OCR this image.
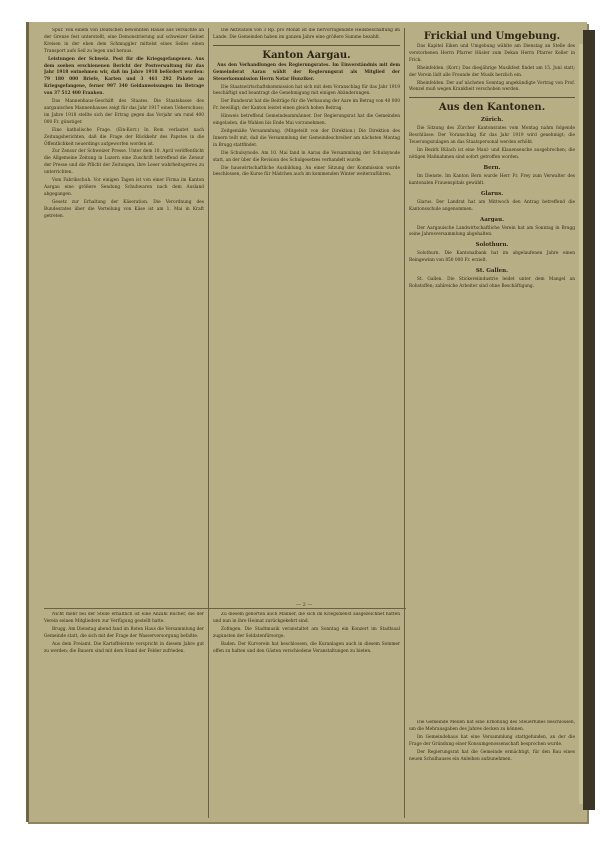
Spur. Von einem von Deutschen bewohnten Hause aus versuchte an der Grenze fest unterstellt, eine Demonstrierung auf schweizer Gebiet Kreisen in der eben dem Schmuggler mittelst eines Seiles einen Transport aufs Seil zu legen und heraus.

Leistungen der Schweiz. Post für die Kriegsgefangenen. Aus dem soeben erschienenen Bericht der Postverwaltung für das Jahr 1918 entnehmen wir, daß im Jahre 1918 befördert wurden: 79 180 000 Briefe, Karten und 3 461 292 Pakete an Kriegsgefangene, ferner 997 340 Geldanweisungen im Betrage von 37 512 400 Franken.

Das Mannenhaus-Geschäft des Staates. Die Staatskasse des aargauischen Mannenhauses zeigt für das Jahr 1917 einen Ueberschuss; im Jahre 1918 stellte sich der Ertrag gegen das Vorjahr um rund 400 000 Fr. günstiger.

Eine katholische Frage. (Ein-Korr.) In Rom verlautet nach Zeitungsberichten, daß die Frage der Rückkehr des Papstes in die Öffentlichkeit neuerdings aufgeworfen worden ist.

Zur Zensur der Schweizer Presse. Unter dem 10. April veröffentlicht die Allgemeine Zeitung in Luzern eine Zuschrift betreffend die Zensur der Presse und die Pflicht der Zeitungen, ihre Leser wahrheitsgetreu zu unterrichten.

Vom Fabrikschuh. Vor einigen Tagen ist von einer Firma im Kanton Aargau eine größere Sendung Schuhwaren nach dem Ausland abgegangen.

Gesetz zur Erhaltung der Käseration. Die Verordnung des Bundesrates über die Verteilung von Käse ist am 1. Mai in Kraft getreten.

Die Aktivation von 3 Rp. pro Monat ist die hervorragendste Heilsbeschaffung im Lande. Die Gemeinden haben im ganzen Jahre eine größere Summe bezahlt.

Kanton Aargau.

Aus den Verhandlungen des Regierungsrates. Im Einverständnis mit dem Gemeinderat Aarau wählt der Regierungsrat als Mitglied der Steuerkommission Herrn Notar Hunziker.

Die Staatswirtschaftskommission hat sich mit dem Voranschlag für das Jahr 1919 beschäftigt und beantragt die Genehmigung mit einigen Abänderungen.

Der Bundesrat hat die Beiträge für die Verbauung der Aare im Betrag von 40 000 Fr. bewilligt; der Kanton leistet einen gleich hohen Beitrag.

Hinweis betreffend Gemeindeammänner. Der Regierungsrat hat die Gemeinden eingeladen, die Wahlen bis Ende Mai vorzunehmen.

Zeitgemäße Versammlung. (Mitgeteilt von der Direktion.) Die Direktion des Innern teilt mit, daß die Versammlung der Gemeindeschreiber am nächsten Montag in Brugg stattfindet.

Die Schulsynode. Am 10. Mai fand in Aarau die Versammlung der Schulsynode statt, an der über die Revision des Schulgesetzes verhandelt wurde.

Die hauswirtschaftliche Ausbildung. An einer Sitzung der Kommission wurde beschlossen, die Kurse für Mädchen auch im kommenden Winter weiterzuführen.

— 2 —
Frickial und Umgebung.

Das Kapitel Eiken und Umgebung wählte am Dienstag an Stelle des verstorbenen Herrn Pfarrer Hüsler zum Dekan Herrn Pfarrer Keller in Frick.

Rheinfelden. (Korr.) Das diesjährige Musikfest findet am 15. Juni statt; der Verein lädt alle Freunde der Musik herzlich ein.

Rheinfelden. Der auf nächsten Sonntag angekündigte Vortrag von Prof. Wenzel muß wegen Krankheit verschoben werden.

Aus den Kantonen.
Zürich.

Die Sitzung des Zürcher Kantonsrates vom Montag nahm folgende Beschlüsse: Der Voranschlag für das Jahr 1919 wird genehmigt; die Teuerungszulagen an das Staatspersonal werden erhöht.

Im Bezirk Bülach ist eine Maul- und Klauenseuche ausgebrochen; die nötigen Maßnahmen sind sofort getroffen worden.

Bern.

Im Dienste. Im Kanton Bern wurde Herr Fr. Frey zum Verwalter des kantonalen Frauenspitals gewählt.

Glarus.

Glarus. Der Landrat hat am Mittwoch den Antrag betreffend die Kantonsschule angenommen.

Aargau.

Der Aargauische Landwirtschaftliche Verein hat am Sonntag in Brugg seine Jahresversammlung abgehalten.

Solothurn.

Solothurn. Die Kantonalbank hat im abgelaufenen Jahre einen Reingewinn von 850 000 Fr. erzielt.

St. Gallen.

St. Gallen. Die Stickereiindustrie leidet unter dem Mangel an Rohstoffen; zahlreiche Arbeiter sind ohne Beschäftigung.

Nicht mehr bei der Stelle erhältlich ist eine Anzahl Bücher, die der Verein seinen Mitgliedern zur Verfügung gestellt hatte.

Brugg. Am Dienstag abend fand im Roten Haus die Versammlung der Gemeinde statt, die sich mit der Frage der Wasserversorgung befaßte.

Aus dem Freiamt. Die Kartoffelernte verspricht in diesem Jahre gut zu werden; die Bauern sind mit dem Stand der Felder zufrieden.

Zu diesem gehörten auch Männer, die sich im Kriegsdienst ausgezeichnet hatten und nun in ihre Heimat zurückgekehrt sind.

Zofingen. Die Stadtmusik veranstaltet am Sonntag ein Konzert im Stadtsaal zugunsten der Soldatenfürsorge.

Baden. Der Kurverein hat beschlossen, die Kuranlagen auch in diesem Sommer offen zu halten und den Gästen verschiedene Veranstaltungen zu bieten.

Die Gemeinde Meilen hat eine Erhöhung des Steuerfußes beschlossen, um die Mehrausgaben des Jahres decken zu können.

Im Gemeindehaus hat eine Versammlung stattgefunden, an der die Frage der Gründung einer Konsumgenossenschaft besprochen wurde.

Der Regierungsrat hat die Gemeinde ermächtigt, für den Bau eines neuen Schulhauses ein Anleihen aufzunehmen.
